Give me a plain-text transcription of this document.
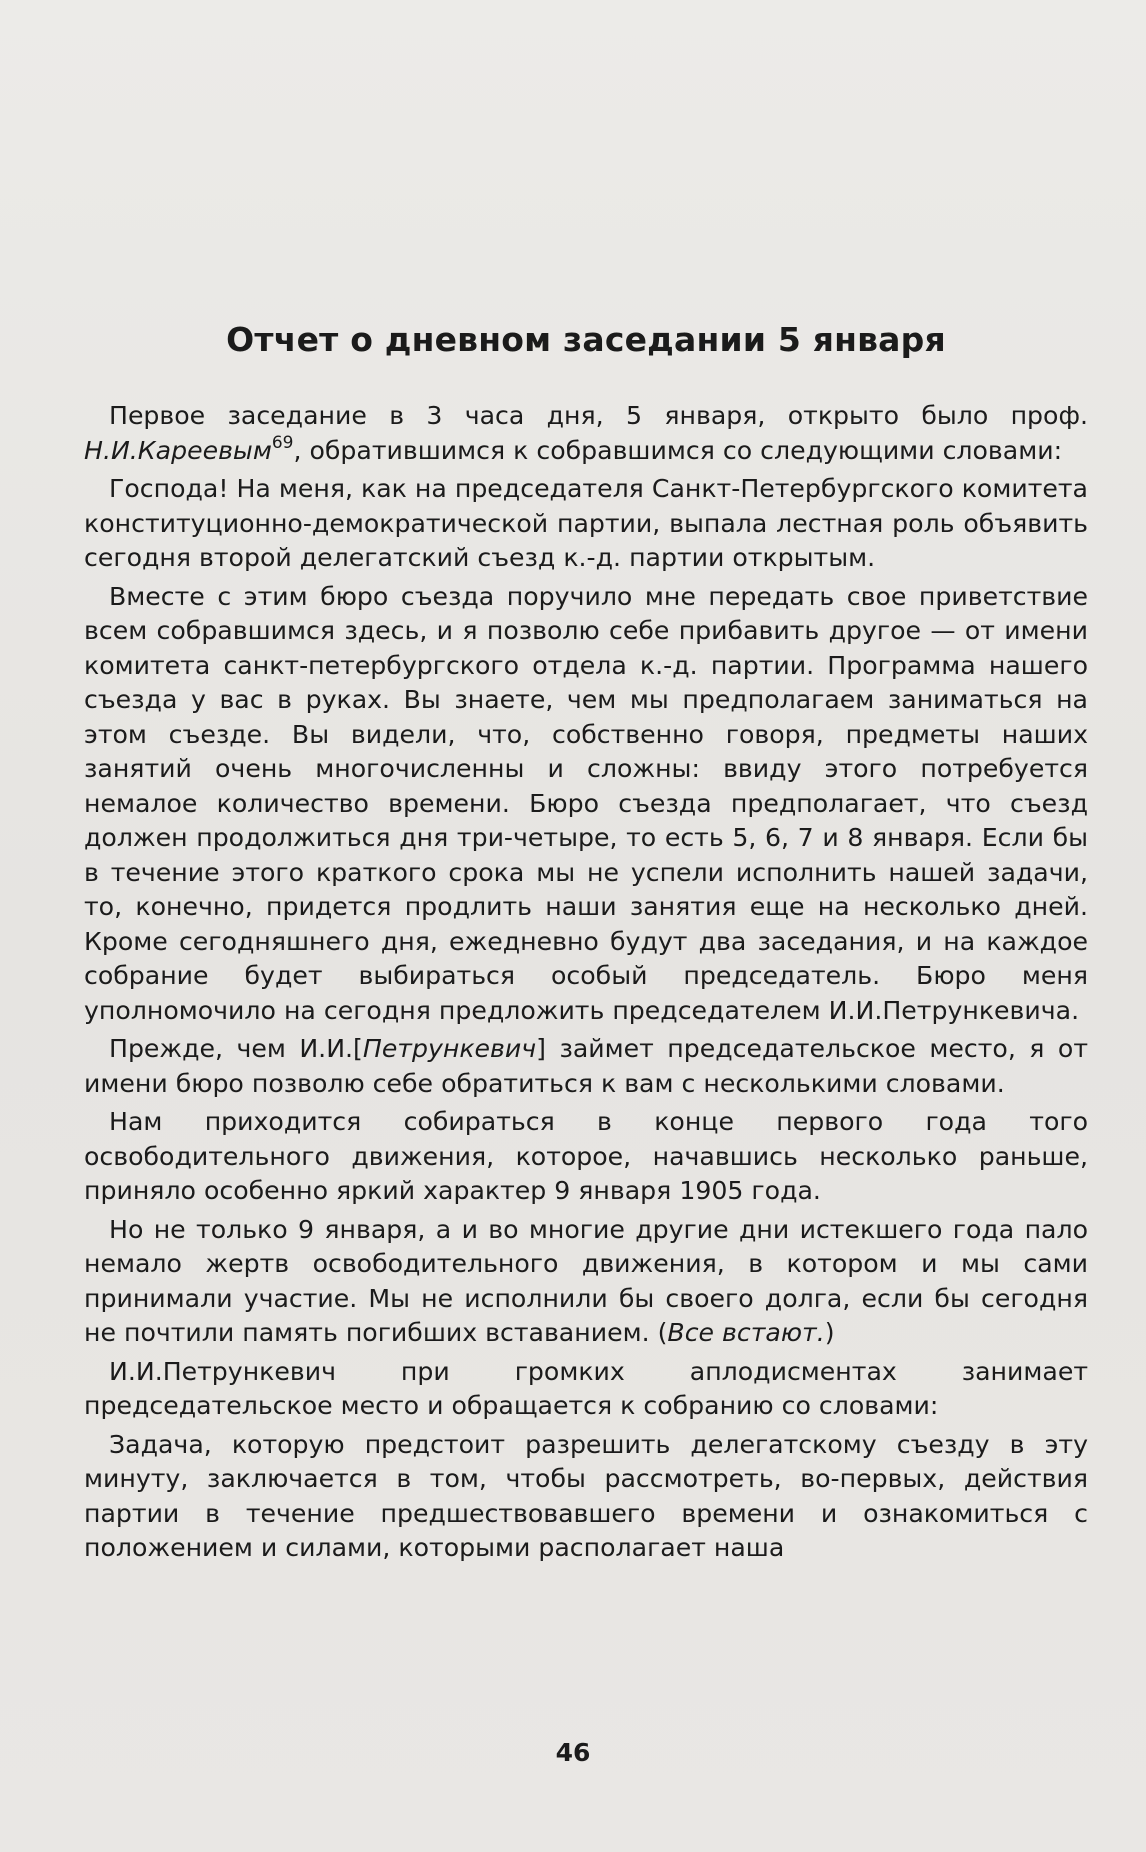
Отчет о дневном заседании 5 января

Первое заседание в 3 часа дня, 5 января, открыто было проф. Н.И.Кареевым$^{69}$, обратившимся к собравшимся со следующими словами:

Господа! На меня, как на председателя Санкт-Петербургского комитета конституционно-демократической партии, выпала лестная роль объявить сегодня второй делегатский съезд к.-д. партии открытым.

Вместе с этим бюро съезда поручило мне передать свое приветствие всем собравшимся здесь, и я позволю себе прибавить другое — от имени комитета санкт-петербургского отдела к.-д. партии. Программа нашего съезда у вас в руках. Вы знаете, чем мы предполагаем заниматься на этом съезде. Вы видели, что, собственно говоря, предметы наших занятий очень многочисленны и сложны: ввиду этого потребуется немалое количество времени. Бюро съезда предполагает, что съезд должен продолжиться дня три-четыре, то есть 5, 6, 7 и 8 января. Если бы в течение этого краткого срока мы не успели исполнить нашей задачи, то, конечно, придется продлить наши занятия еще на несколько дней. Кроме сегодняшнего дня, ежедневно будут два заседания, и на каждое собрание будет выбираться особый председатель. Бюро меня уполномочило на сегодня предложить председателем И.И.Петрункевича.

Прежде, чем И.И.[Петрункевич] займет председательское место, я от имени бюро позволю себе обратиться к вам с несколькими словами.

Нам приходится собираться в конце первого года того освободительного движения, которое, начавшись несколько раньше, приняло особенно яркий характер 9 января 1905 года.

Но не только 9 января, а и во многие другие дни истекшего года пало немало жертв освободительного движения, в котором и мы сами принимали участие. Мы не исполнили бы своего долга, если бы сегодня не почтили память погибших вставанием. (Все встают.)

И.И.Петрункевич при громких аплодисментах занимает председательское место и обращается к собранию со словами:

Задача, которую предстоит разрешить делегатскому съезду в эту минуту, заключается в том, чтобы рассмотреть, во-первых, действия партии в течение предшествовавшего времени и ознакомиться с положением и силами, которыми располагает наша

46
